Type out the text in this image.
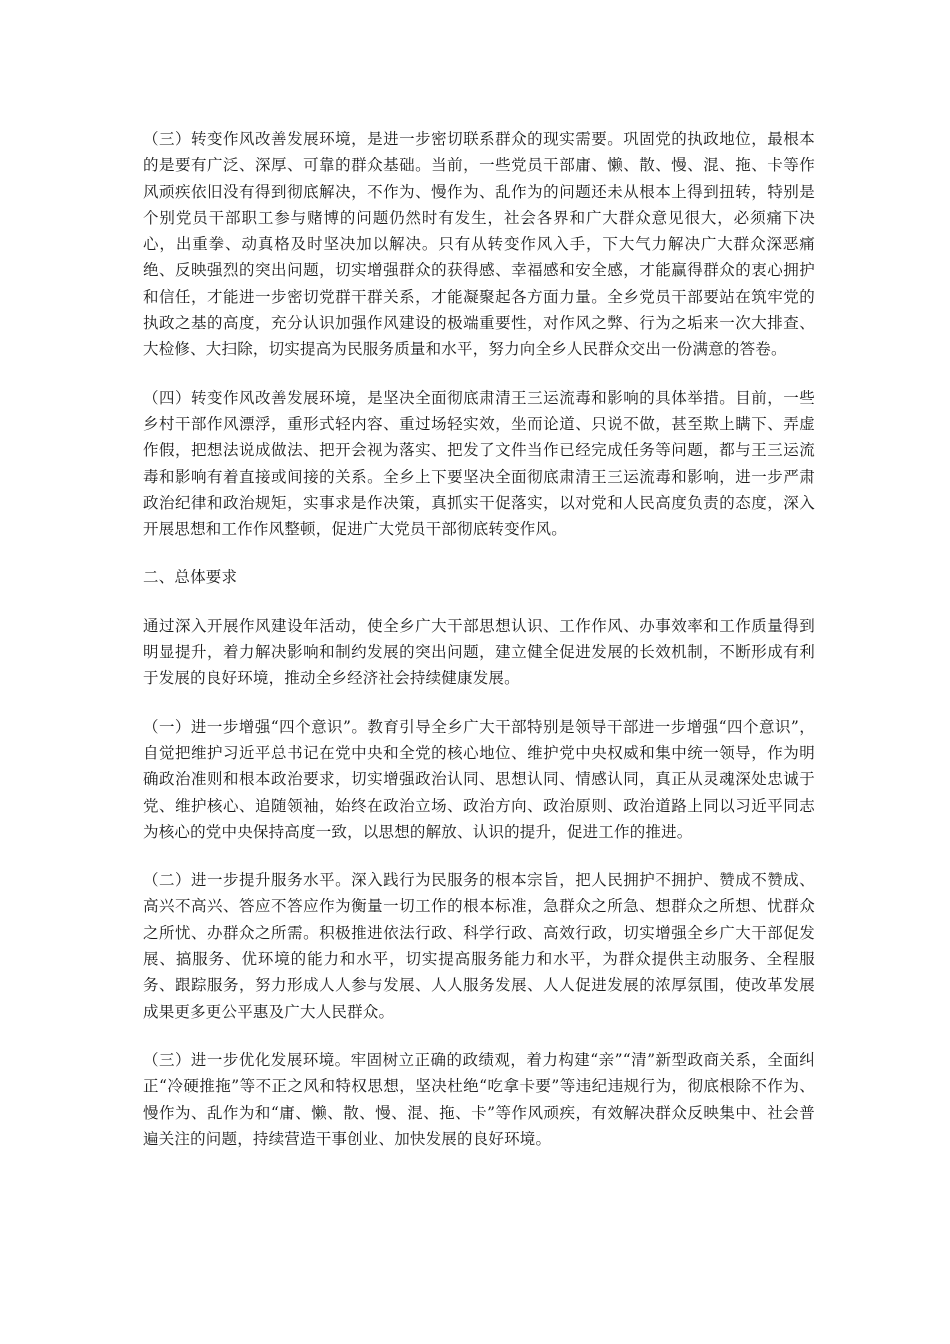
（三）转变作风改善发展环境，是进一步密切联系群众的现实需要。巩固党的执政地位，最根本的是要有广泛、深厚、可靠的群众基础。当前，一些党员干部庸、懒、散、慢、混、拖、卡等作风顽疾依旧没有得到彻底解决，不作为、慢作为、乱作为的问题还未从根本上得到扭转，特别是个别党员干部职工参与赌博的问题仍然时有发生，社会各界和广大群众意见很大，必须痛下决心，出重拳、动真格及时坚决加以解决。只有从转变作风入手，下大气力解决广大群众深恶痛绝、反映强烈的突出问题，切实增强群众的获得感、幸福感和安全感，才能赢得群众的衷心拥护和信任，才能进一步密切党群干群关系，才能凝聚起各方面力量。全乡党员干部要站在筑牢党的执政之基的高度，充分认识加强作风建设的极端重要性，对作风之弊、行为之垢来一次大排查、大检修、大扫除，切实提高为民服务质量和水平，努力向全乡人民群众交出一份满意的答卷。

（四）转变作风改善发展环境，是坚决全面彻底肃清王三运流毒和影响的具体举措。目前，一些乡村干部作风漂浮，重形式轻内容、重过场轻实效，坐而论道、只说不做，甚至欺上瞒下、弄虚作假，把想法说成做法、把开会视为落实、把发了文件当作已经完成任务等问题，都与王三运流毒和影响有着直接或间接的关系。全乡上下要坚决全面彻底肃清王三运流毒和影响，进一步严肃政治纪律和政治规矩，实事求是作决策，真抓实干促落实，以对党和人民高度负责的态度，深入开展思想和工作作风整顿，促进广大党员干部彻底转变作风。

二、总体要求

通过深入开展作风建设年活动，使全乡广大干部思想认识、工作作风、办事效率和工作质量得到明显提升，着力解决影响和制约发展的突出问题，建立健全促进发展的长效机制，不断形成有利于发展的良好环境，推动全乡经济社会持续健康发展。

（一）进一步增强“四个意识”。教育引导全乡广大干部特别是领导干部进一步增强“四个意识”，自觉把维护习近平总书记在党中央和全党的核心地位、维护党中央权威和集中统一领导，作为明确政治准则和根本政治要求，切实增强政治认同、思想认同、情感认同，真正从灵魂深处忠诚于党、维护核心、追随领袖，始终在政治立场、政治方向、政治原则、政治道路上同以习近平同志为核心的党中央保持高度一致，以思想的解放、认识的提升，促进工作的推进。

（二）进一步提升服务水平。深入践行为民服务的根本宗旨，把人民拥护不拥护、赞成不赞成、高兴不高兴、答应不答应作为衡量一切工作的根本标准，急群众之所急、想群众之所想、忧群众之所忧、办群众之所需。积极推进依法行政、科学行政、高效行政，切实增强全乡广大干部促发展、搞服务、优环境的能力和水平，切实提高服务能力和水平，为群众提供主动服务、全程服务、跟踪服务，努力形成人人参与发展、人人服务发展、人人促进发展的浓厚氛围，使改革发展成果更多更公平惠及广大人民群众。

（三）进一步优化发展环境。牢固树立正确的政绩观，着力构建“亲”“清”新型政商关系，全面纠正“冷硬推拖”等不正之风和特权思想，坚决杜绝“吃拿卡要”等违纪违规行为，彻底根除不作为、慢作为、乱作为和“庸、懒、散、慢、混、拖、卡”等作风顽疾，有效解决群众反映集中、社会普遍关注的问题，持续营造干事创业、加快发展的良好环境。
